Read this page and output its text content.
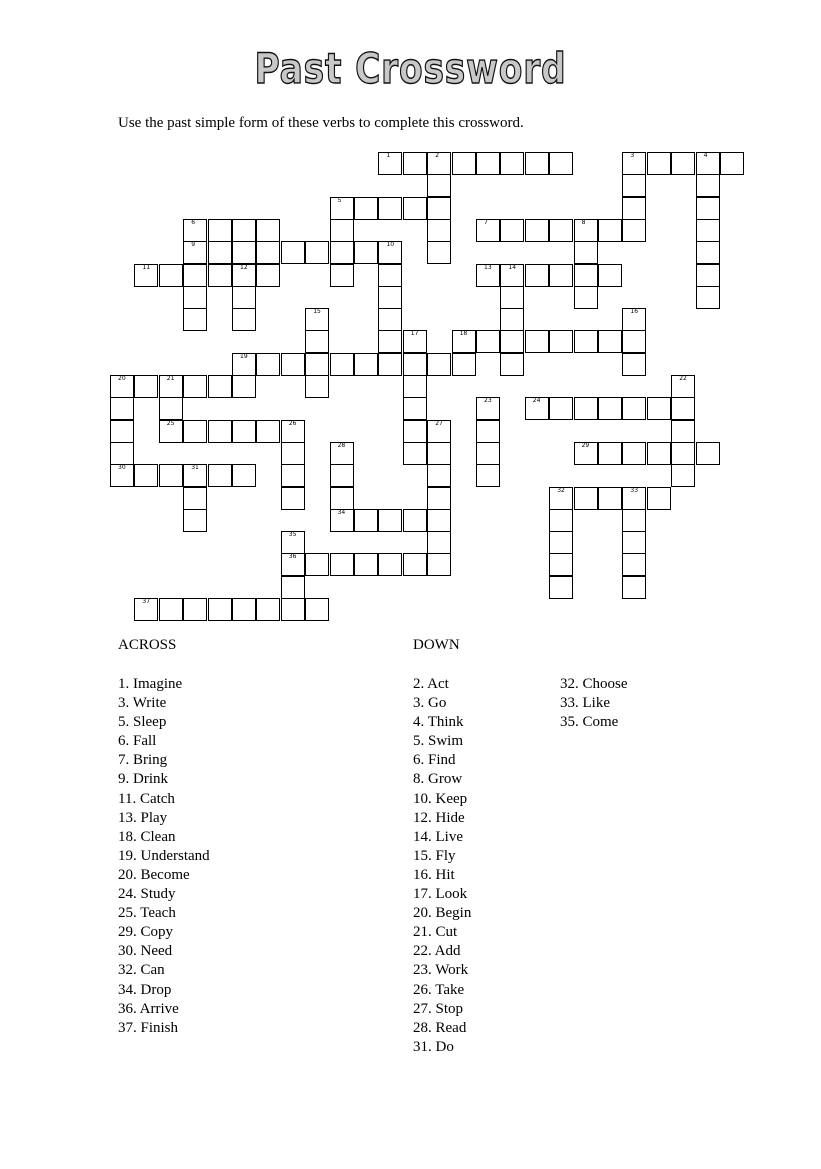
Past Crossword
Use the past simple form of these verbs to complete this crossword.
1	3
2	4
5
6	7	8
9	10
11	12	13	14
15	16
17	18
19
20	21	22
23	24
25	26	27
28	29
30	31
32	33
34
35
36
37
ACROSS
1. Imagine
3. Write
5. Sleep
6. Fall
7. Bring
9. Drink
11. Catch
13. Play
18. Clean
19. Understand
20. Become
24. Study
25. Teach
29. Copy
30. Need
32. Can
34. Drop
36. Arrive
37. Finish
DOWN
2. Act
3. Go
4. Think
5. Swim
6. Find
8. Grow
10. Keep
12. Hide
14. Live
15. Fly
16. Hit
17. Look
20. Begin
21. Cut
22. Add
23. Work
26. Take
27. Stop
28. Read
31. Do
32. Choose
33. Like
35. Come
